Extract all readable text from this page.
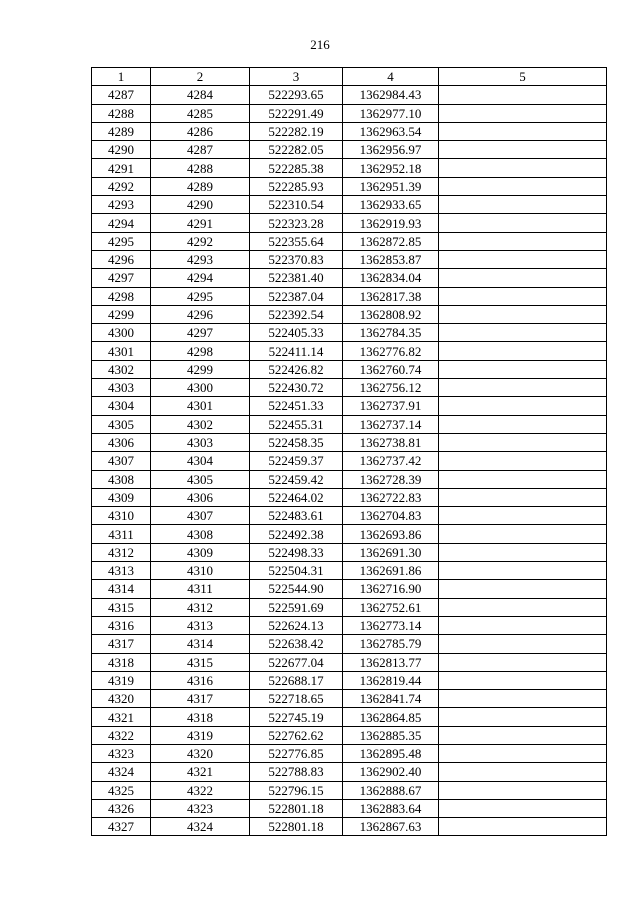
216
1	2	3	4	5
4287	4284	522293.65	1362984.43	
4288	4285	522291.49	1362977.10	
4289	4286	522282.19	1362963.54	
4290	4287	522282.05	1362956.97	
4291	4288	522285.38	1362952.18	
4292	4289	522285.93	1362951.39	
4293	4290	522310.54	1362933.65	
4294	4291	522323.28	1362919.93	
4295	4292	522355.64	1362872.85	
4296	4293	522370.83	1362853.87	
4297	4294	522381.40	1362834.04	
4298	4295	522387.04	1362817.38	
4299	4296	522392.54	1362808.92	
4300	4297	522405.33	1362784.35	
4301	4298	522411.14	1362776.82	
4302	4299	522426.82	1362760.74	
4303	4300	522430.72	1362756.12	
4304	4301	522451.33	1362737.91	
4305	4302	522455.31	1362737.14	
4306	4303	522458.35	1362738.81	
4307	4304	522459.37	1362737.42	
4308	4305	522459.42	1362728.39	
4309	4306	522464.02	1362722.83	
4310	4307	522483.61	1362704.83	
4311	4308	522492.38	1362693.86	
4312	4309	522498.33	1362691.30	
4313	4310	522504.31	1362691.86	
4314	4311	522544.90	1362716.90	
4315	4312	522591.69	1362752.61	
4316	4313	522624.13	1362773.14	
4317	4314	522638.42	1362785.79	
4318	4315	522677.04	1362813.77	
4319	4316	522688.17	1362819.44	
4320	4317	522718.65	1362841.74	
4321	4318	522745.19	1362864.85	
4322	4319	522762.62	1362885.35	
4323	4320	522776.85	1362895.48	
4324	4321	522788.83	1362902.40	
4325	4322	522796.15	1362888.67	
4326	4323	522801.18	1362883.64	
4327	4324	522801.18	1362867.63	
